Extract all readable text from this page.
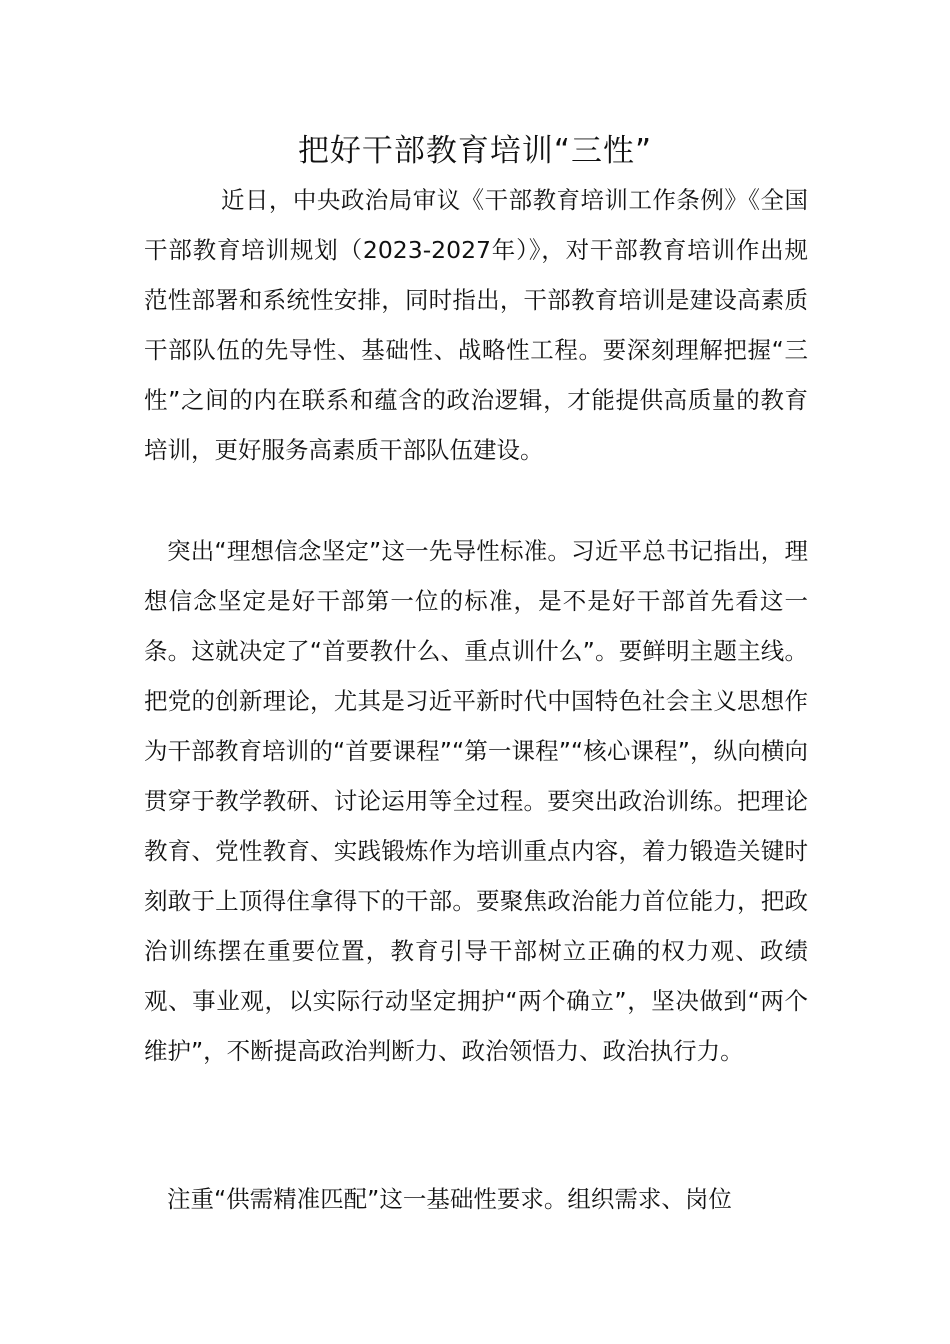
把好干部教育培训“三性”

近日，中央政治局审议《干部教育培训工作条例》《全国干部教育培训规划（2023-2027年）》，对干部教育培训作出规范性部署和系统性安排，同时指出，干部教育培训是建设高素质干部队伍的先导性、基础性、战略性工程。要深刻理解把握“三性”之间的内在联系和蕴含的政治逻辑，才能提供高质量的教育培训，更好服务高素质干部队伍建设。

突出“理想信念坚定”这一先导性标准。习近平总书记指出，理想信念坚定是好干部第一位的标准，是不是好干部首先看这一条。这就决定了“首要教什么、重点训什么”。要鲜明主题主线。把党的创新理论，尤其是习近平新时代中国特色社会主义思想作为干部教育培训的“首要课程”“第一课程”“核心课程”，纵向横向贯穿于教学教研、讨论运用等全过程。要突出政治训练。把理论教育、党性教育、实践锻炼作为培训重点内容，着力锻造关键时刻敢于上顶得住拿得下的干部。要聚焦政治能力首位能力，把政治训练摆在重要位置，教育引导干部树立正确的权力观、政绩观、事业观，以实际行动坚定拥护“两个确立”，坚决做到“两个维护”，不断提高政治判断力、政治领悟力、政治执行力。

注重“供需精准匹配”这一基础性要求。组织需求、岗位
